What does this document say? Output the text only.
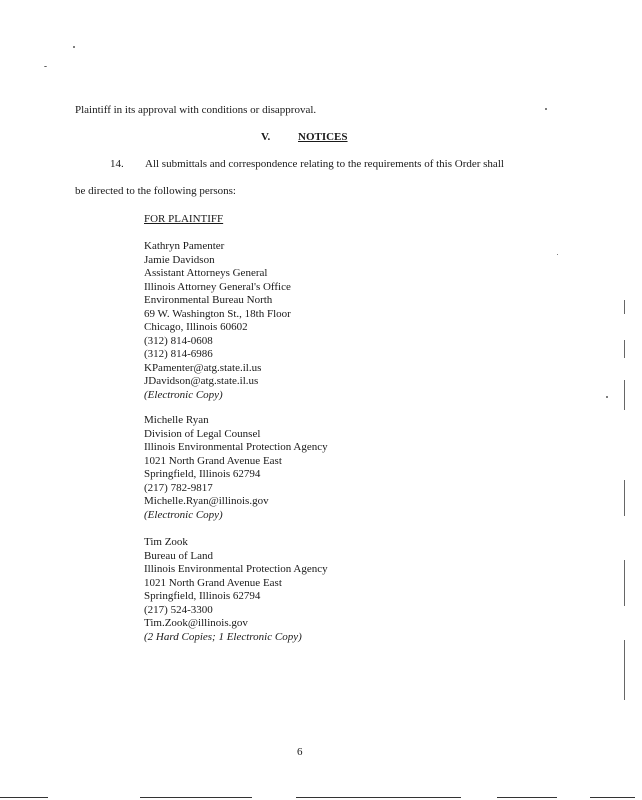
Plaintiff in its approval with conditions or disapproval.
V.	NOTICES
14. All submittals and correspondence relating to the requirements of this Order shall
be directed to the following persons:
FOR PLAINTIFF
Kathryn Pamenter
Jamie Davidson
Assistant Attorneys General
Illinois Attorney General's Office
Environmental Bureau North
69 W. Washington St., 18th Floor
Chicago, Illinois 60602
(312) 814-0608
(312) 814-6986
KPamenter@atg.state.il.us
JDavidson@atg.state.il.us
(Electronic Copy)
Michelle Ryan
Division of Legal Counsel
Illinois Environmental Protection Agency
1021 North Grand Avenue East
Springfield, Illinois 62794
(217) 782-9817
Michelle.Ryan@illinois.gov
(Electronic Copy)
Tim Zook
Bureau of Land
Illinois Environmental Protection Agency
1021 North Grand Avenue East
Springfield, Illinois 62794
(217) 524-3300
Tim.Zook@illinois.gov
(2 Hard Copies; 1 Electronic Copy)
6
